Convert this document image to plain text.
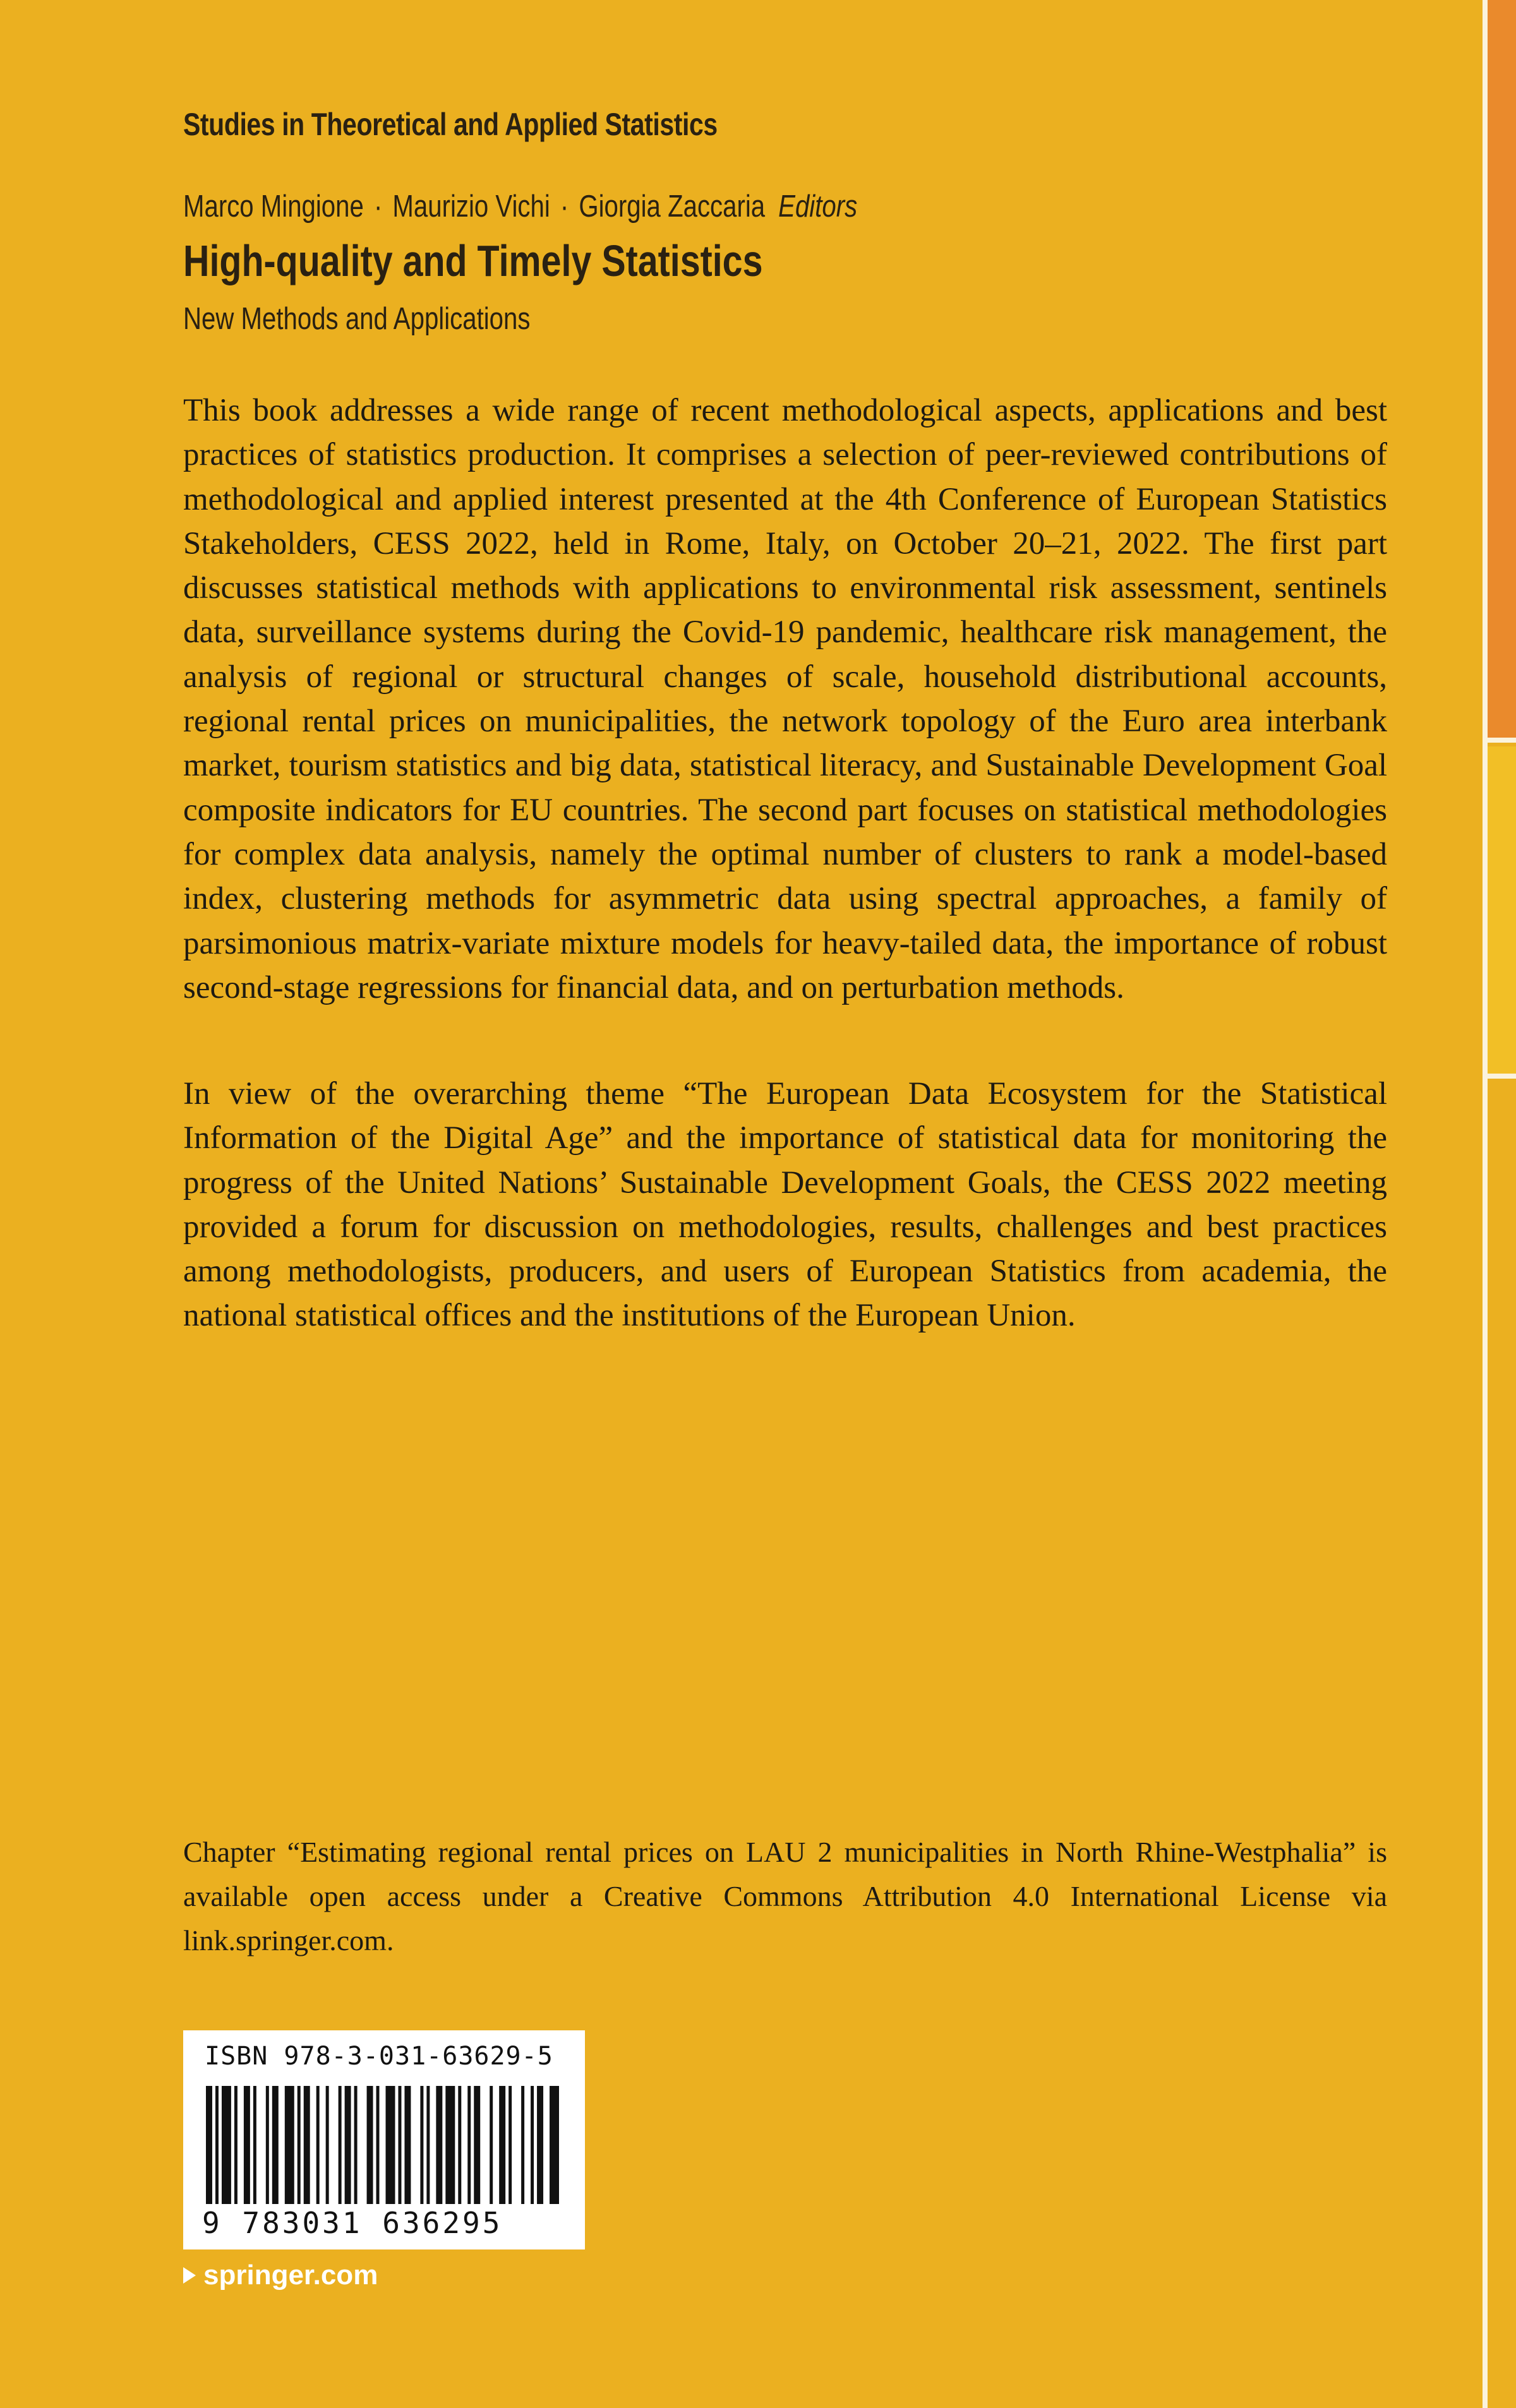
Studies in Theoretical and Applied Statistics
Marco Mingione · Maurizio Vichi · Giorgia Zaccaria Editors
High-quality and Timely Statistics
New Methods and Applications

This book addresses a wide range of recent methodological aspects, applications and best practices of statistics production. It comprises a selection of peer-reviewed contributions of methodological and applied interest presented at the 4th Conference of European Statistics Stakeholders, CESS 2022, held in Rome, Italy, on October 20–21, 2022. The first part discusses statistical methods with applications to environmental risk assessment, sentinels data, surveillance systems during the Covid-19 pandemic, healthcare risk management, the analysis of regional or structural changes of scale, household distributional accounts, regional rental prices on municipalities, the network topology of the Euro area interbank market, tourism statistics and big data, statistical literacy, and Sustainable Development Goal composite indicators for EU countries. The second part focuses on statistical methodologies for complex data analysis, namely the optimal number of clusters to rank a model-based index, clustering methods for asymmetric data using spectral approaches, a family of parsimonious matrix-variate mixture models for heavy-tailed data, the importance of robust second-stage regressions for financial data, and on perturbation methods.

In view of the overarching theme “The European Data Ecosystem for the Statistical Information of the Digital Age” and the importance of statistical data for monitoring the progress of the United Nations’ Sustainable Development Goals, the CESS 2022 meeting provided a forum for discussion on methodologies, results, challenges and best practices among methodologists, producers, and users of European Statistics from academia, the national statistical offices and the institutions of the European Union.

Chapter “Estimating regional rental prices on LAU 2 municipalities in North Rhine-Westphalia” is available open access under a Creative Commons Attribution 4.0 International License via link.springer.com.

ISBN 978-3-031-63629-5
9 783031 636295
springer.com
